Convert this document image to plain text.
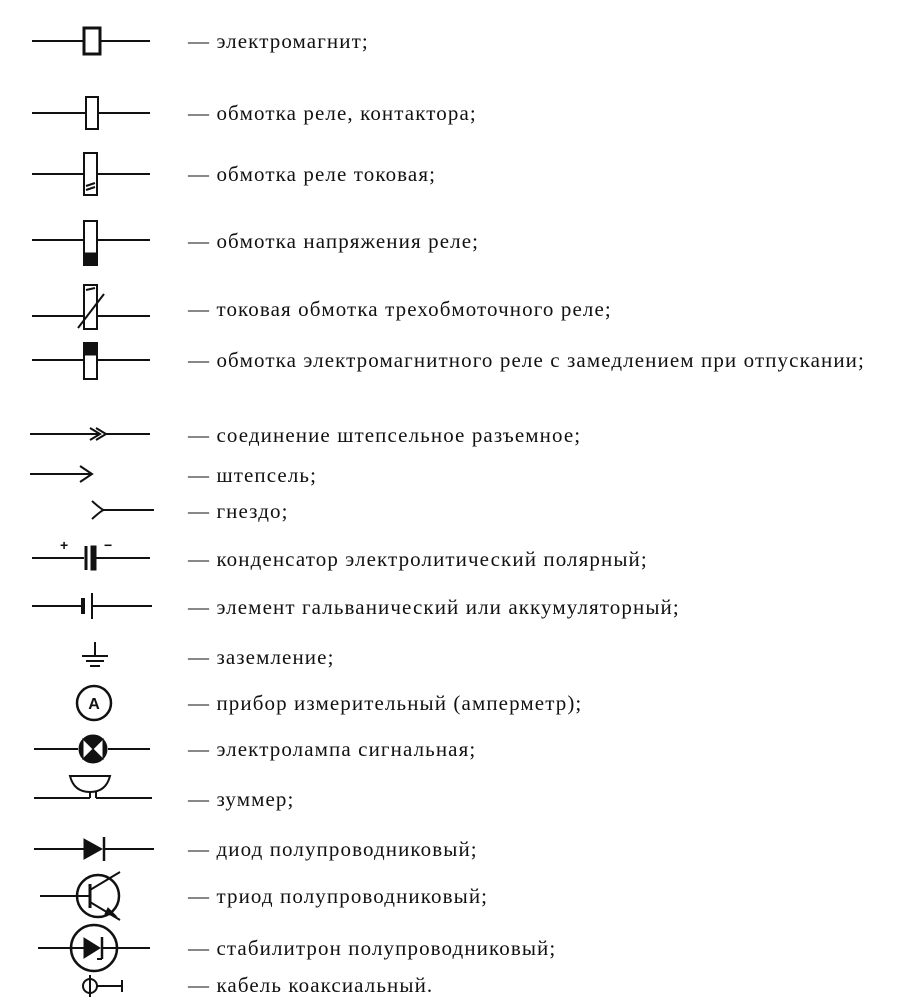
— электромагнит;
— обмотка реле, контактора;
— обмотка реле токовая;
— обмотка напряжения реле;
— токовая обмотка трехобмоточного реле;
— обмотка электромагнитного реле с замедлением при отпускании;
— соединение штепсельное разъемное;
— штепсель;
— гнездо;
+	−
— конденсатор электролитический полярный;
— элемент гальванический или аккумуляторный;
— заземление;
A	— прибор измерительный (амперметр);
— электролампа сигнальная;
— зуммер;
— диод полупроводниковый;
— триод полупроводниковый;
— стабилитрон полупроводниковый;
— кабель коаксиальный.
